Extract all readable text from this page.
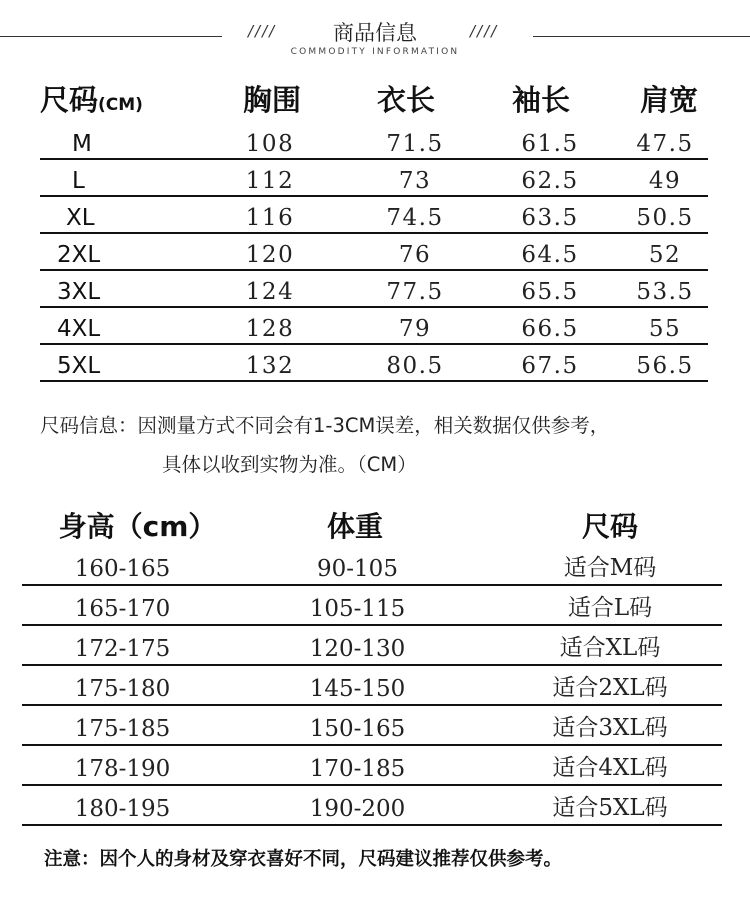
////	商品信息
COMMODITY INFORMATION
////
尺码(CM)	胸围	衣长	袖长 肩宽
M	108	71.5	61.5	47.5
L	112	73	62.5	49
XL	116	74.5	63.5	50.5
2XL	120	76	64.5	52
3XL	124	77.5	65.5	53.5
4XL	128	79	66.5	55
5XL	132	80.5	67.5	56.5
尺码信息：因测量方式不同会有1-3CM误差，相关数据仅供参考，
具体以收到实物为准。（CM）
身高（cm）	体重	尺码
160-165	90-105	适合M码
165-170	105-115	适合L码
172-175	120-130	适合XL码
175-180	145-150	适合2XL码
175-185	150-165	适合3XL码
178-190	170-185	适合4XL码
180-195	190-200	适合5XL码
注意：因个人的身材及穿衣喜好不同，尺码建议推荐仅供参考。
